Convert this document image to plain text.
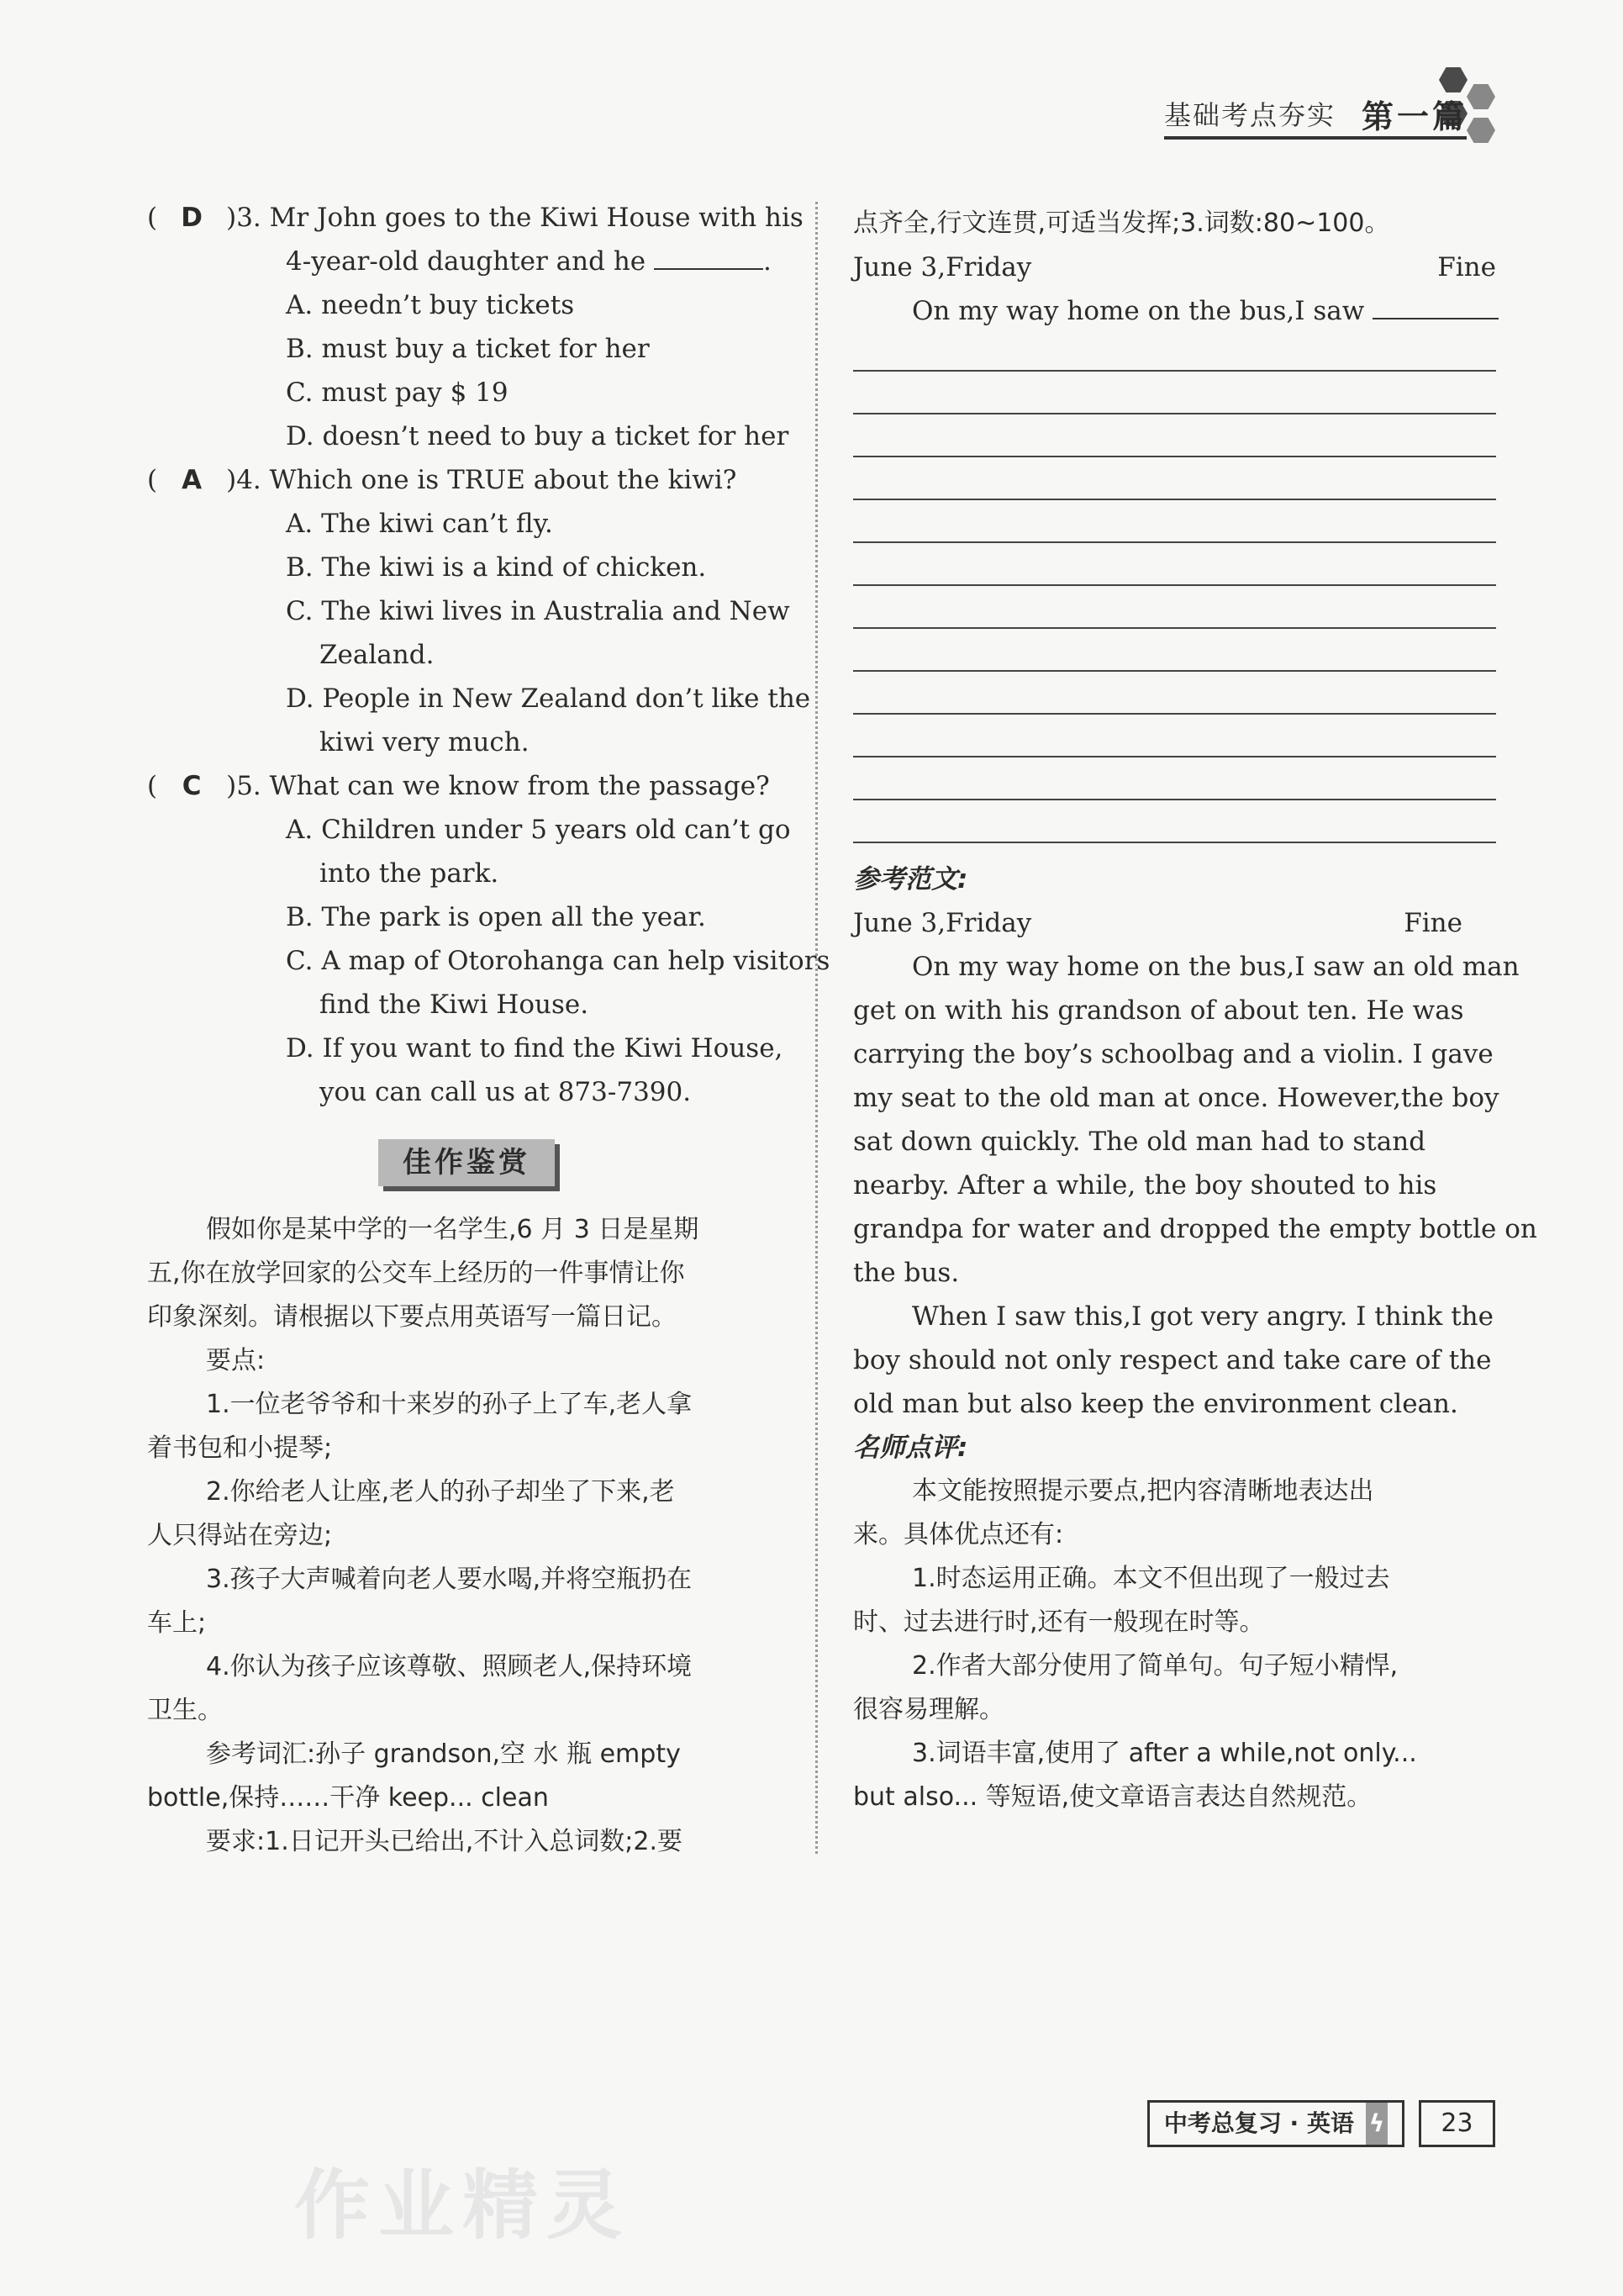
基础考点夯实 第一篇
( D )3. Mr John goes to the Kiwi House with his
4-year-old daughter and he	.
A. needn’t buy tickets
B. must buy a ticket for her
C. must pay $ 19
D. doesn’t need to buy a ticket for her
( A )4. Which one is TRUE about the kiwi?
A. The kiwi can’t fly.
B. The kiwi is a kind of chicken.
C. The kiwi lives in Australia and New
Zealand.
D. People in New Zealand don’t like the
kiwi very much.
( C )5. What can we know from the passage?
A. Children under 5 years old can’t go
into the park.
B. The park is open all the year.
C. A map of Otorohanga can help visitors
find the Kiwi House.
D. If you want to find the Kiwi House,
you can call us at 873-7390.
佳作鉴赏
假如你是某中学的一名学生,6 月 3 日是星期
五,你在放学回家的公交车上经历的一件事情让你
印象深刻。请根据以下要点用英语写一篇日记。
要点:
1.一位老爷爷和十来岁的孙子上了车,老人拿
着书包和小提琴;
2.你给老人让座,老人的孙子却坐了下来,老
人只得站在旁边;
3.孩子大声喊着向老人要水喝,并将空瓶扔在
车上;
4.你认为孩子应该尊敬、照顾老人,保持环境
卫生。
参考词汇:孙子 grandson,空 水 瓶 empty
bottle,保持……干净 keep... clean
要求:1.日记开头已给出,不计入总词数;2.要
点齐全,行文连贯,可适当发挥;3.词数:80~100。
June 3,Friday	Fine
On my way home on the bus,I saw
参考范文:
June 3,Friday	Fine
On my way home on the bus,I saw an old man
get on with his grandson of about ten. He was
carrying the boy’s schoolbag and a violin. I gave
my seat to the old man at once. However,the boy
sat down quickly. The old man had to stand
nearby. After a while, the boy shouted to his
grandpa for water and dropped the empty bottle on
the bus.
When I saw this,I got very angry. I think the
boy should not only respect and take care of the
old man but also keep the environment clean.
名师点评:
本文能按照提示要点,把内容清晰地表达出
来。具体优点还有:
1.时态运用正确。本文不但出现了一般过去
时、过去进行时,还有一般现在时等。
2.作者大部分使用了简单句。句子短小精悍,
很容易理解。
3.词语丰富,使用了 after a while,not only...
but also... 等短语,使文章语言表达自然规范。
作业精灵
中考总复习 · 英语 ϟ	23
